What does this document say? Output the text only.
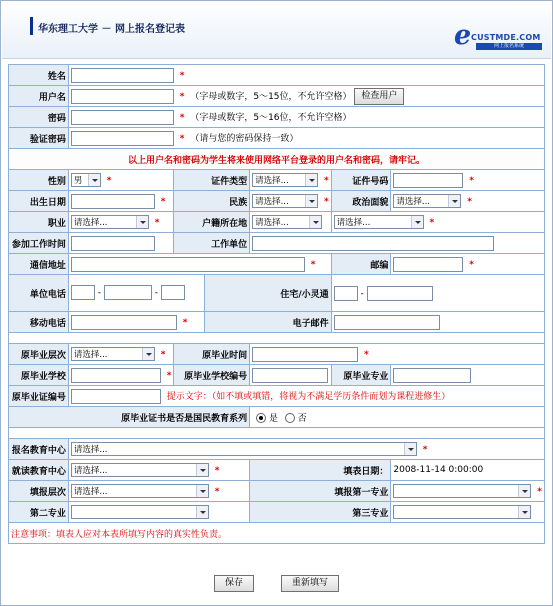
华东理工大学 － 网上报名登记表	e CUSTMDE.COM
网上报名系统
姓名	*					
用户名	* （字母或数字，5～15位，不允许空格） 检查用户					
密码	* （字母或数字，5～16位，不允许空格）					
验证密码	* （请与您的密码保持一致）					
以上用户名和密码为学生将来使用网络平台登录的用户名和密码，请牢记。						
性别	男 *	证件类型		请选择... *	证件号码	*
出生日期	*	民族		请选择... *	政治面貌	请选择... *
职业	请选择... *	户籍所在地		请选择...	请选择... *	
参加工作时间		工作单位	
通信地址	*				邮编	*
单位电话	- -		住宅/小灵通		-	
移动电话	*		电子邮件	

原毕业层次	请选择... *	原毕业时间		*		
原毕业学校	*	原毕业学校编号			原毕业专业	
原毕业证编号	提示文字：（如不填或填错，将视为不满足学历条件而划为课程进修生）					
原毕业证书是否是国民教育系列				是 否		

报名教育中心	请选择... *					
就读教育中心	请选择... *			填表日期：		2008-11-14 0:00:00
填报层次	请选择... *			填报第一专业		*
第二专业				第三专业		

注意事项：填表人应对本表所填写内容的真实性负责。						
保存	重新填写
